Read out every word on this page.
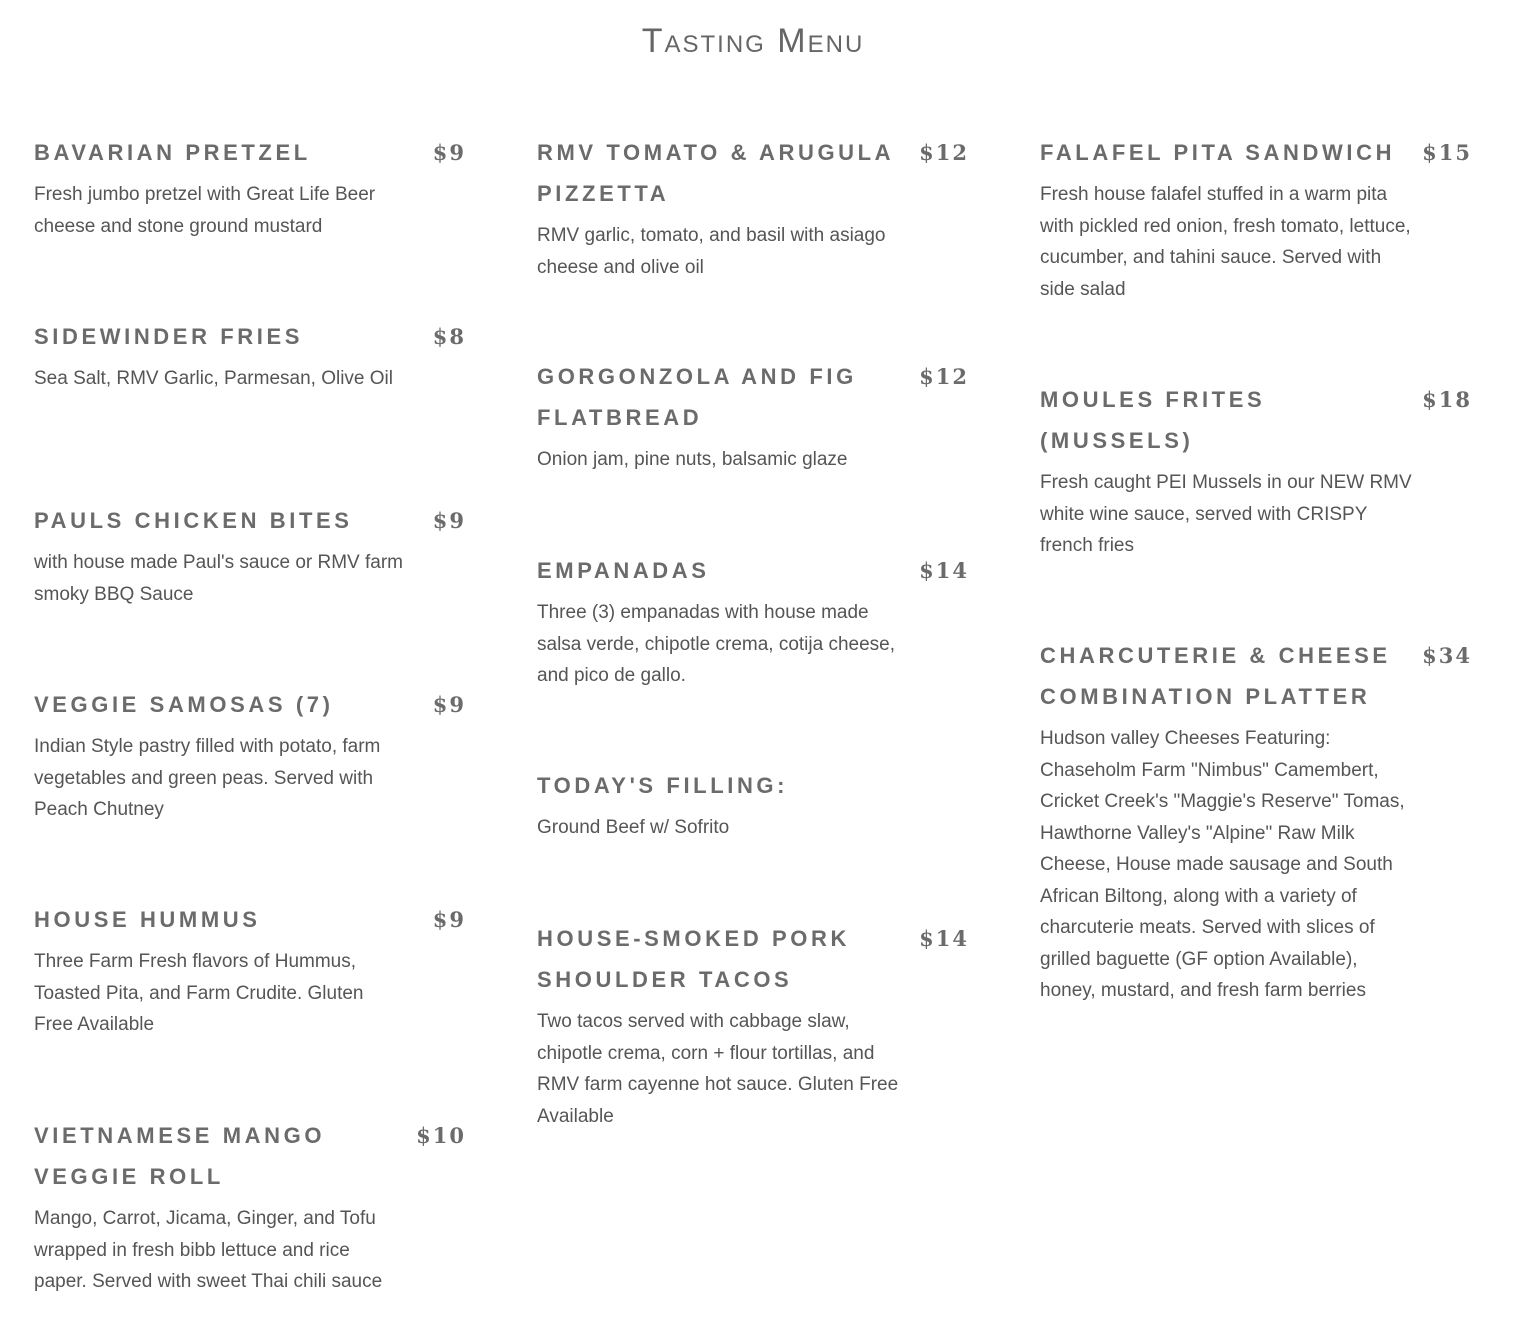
Tasting Menu
BAVARIAN PRETZEL	$9
Fresh jumbo pretzel with Great Life Beer cheese and stone ground mustard
SIDEWINDER FRIES	$8
Sea Salt, RMV Garlic, Parmesan, Olive Oil
PAULS CHICKEN BITES	$9
with house made Paul's sauce or RMV farm smoky BBQ Sauce
VEGGIE SAMOSAS (7)	$9
Indian Style pastry filled with potato, farm vegetables and green peas. Served with Peach Chutney
HOUSE HUMMUS	$9
Three Farm Fresh flavors of Hummus, Toasted Pita, and Farm Crudite. Gluten Free Available
VIETNAMESE MANGO VEGGIE ROLL
$10
Mango, Carrot, Jicama, Ginger, and Tofu wrapped in fresh bibb lettuce and rice paper. Served with sweet Thai chili sauce
RMV TOMATO & ARUGULA PIZZETTA
$12
RMV garlic, tomato, and basil with asiago cheese and olive oil
GORGONZOLA AND FIG FLATBREAD
$12
Onion jam, pine nuts, balsamic glaze
EMPANADAS	$14
Three (3) empanadas with house made salsa verde, chipotle crema, cotija cheese, and pico de gallo.
TODAY'S FILLING:
Ground Beef w/ Sofrito
HOUSE-SMOKED PORK SHOULDER TACOS
$14
Two tacos served with cabbage slaw, chipotle crema, corn + flour tortillas, and RMV farm cayenne hot sauce. Gluten Free Available
FALAFEL PITA SANDWICH $15
Fresh house falafel stuffed in a warm pita with pickled red onion, fresh tomato, lettuce, cucumber, and tahini sauce. Served with side salad
MOULES FRITES (MUSSELS)
$18
Fresh caught PEI Mussels in our NEW RMV white wine sauce, served with CRISPY french fries
CHARCUTERIE & CHEESE COMBINATION PLATTER
$34
Hudson valley Cheeses Featuring: Chaseholm Farm "Nimbus" Camembert, Cricket Creek's "Maggie's Reserve" Tomas, Hawthorne Valley's "Alpine" Raw Milk Cheese, House made sausage and South African Biltong, along with a variety of charcuterie meats. Served with slices of grilled baguette (GF option Available), honey, mustard, and fresh farm berries
